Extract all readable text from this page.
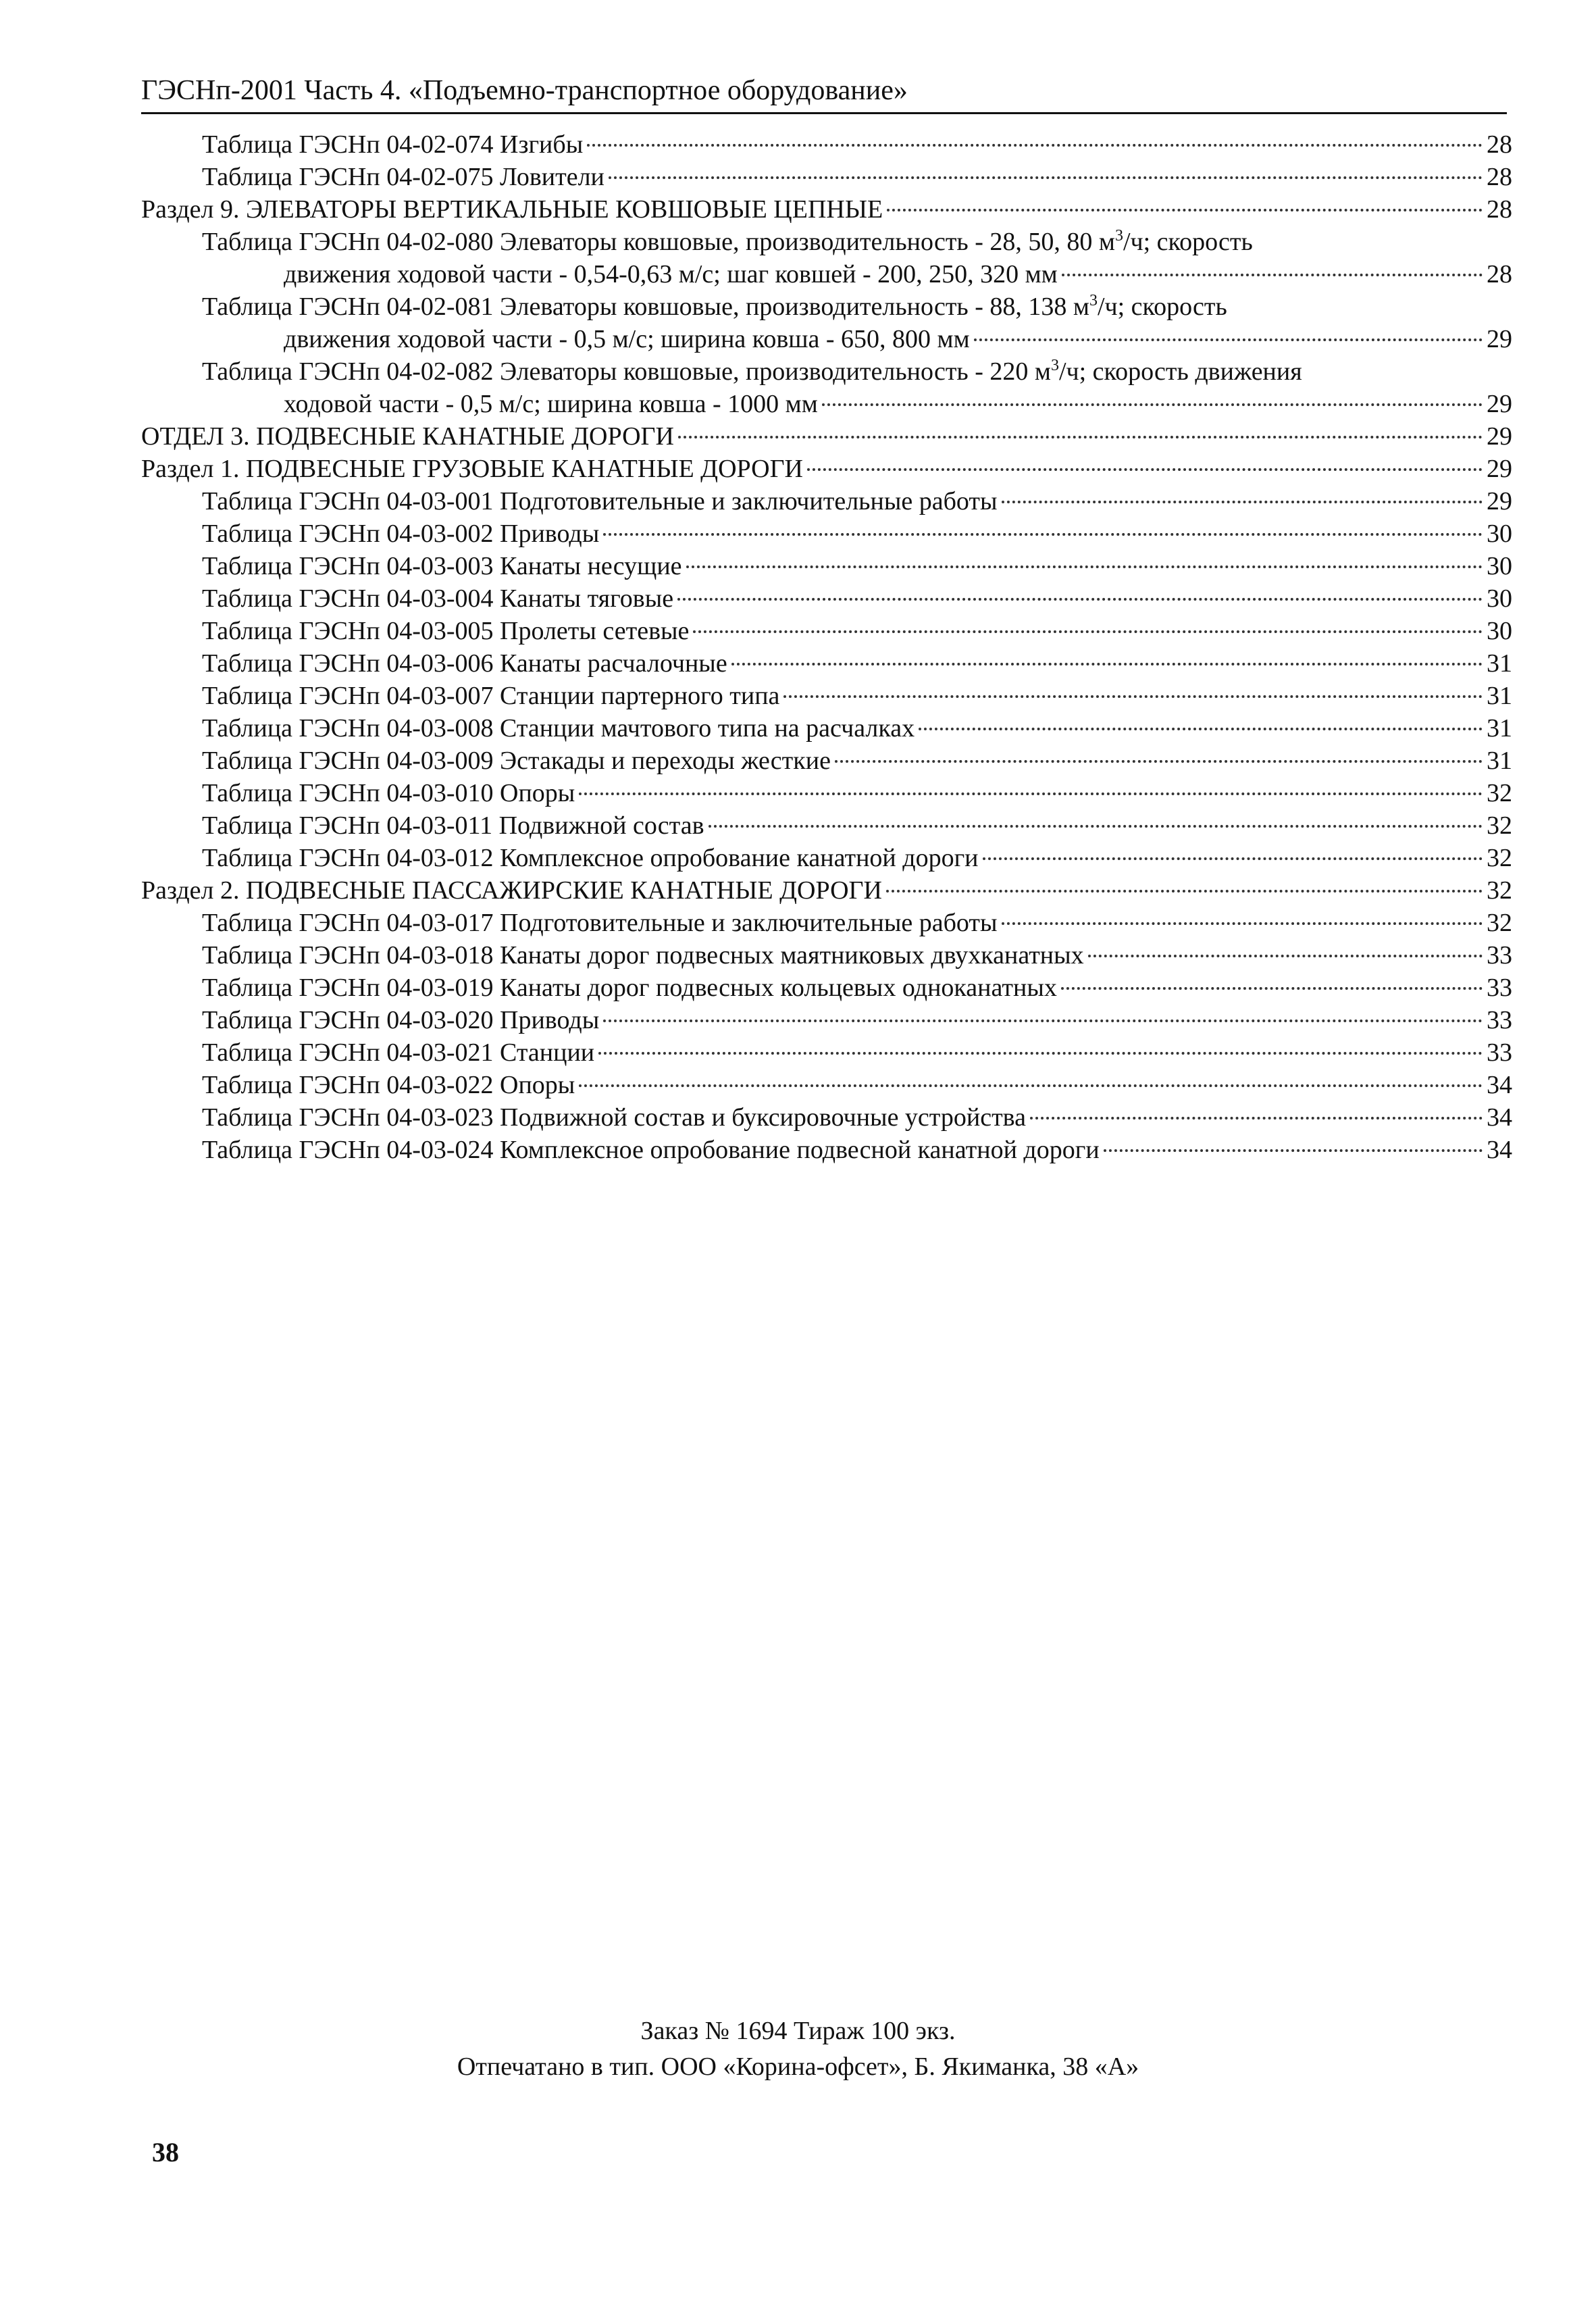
ГЭСНп-2001 Часть 4. «Подъемно-транспортное оборудование»
Таблица ГЭСНп 04-02-074 Изгибы	28
Таблица ГЭСНп 04-02-075 Ловители	28
Раздел 9. ЭЛЕВАТОРЫ ВЕРТИКАЛЬНЫЕ КОВШОВЫЕ ЦЕПНЫЕ	28
Таблица ГЭСНп 04-02-080 Элеваторы ковшовые, производительность - 28, 50, 80 $м^3/ч$; скорость
движения ходовой части - 0,54-0,63 м/с; шаг ковшей - 200, 250, 320 мм	28
Таблица ГЭСНп 04-02-081 Элеваторы ковшовые, производительность - 88, 138 $м^3/ч$; скорость
движения ходовой части - 0,5 м/с; ширина ковша - 650, 800 мм	29
Таблица ГЭСНп 04-02-082 Элеваторы ковшовые, производительность - 220 $м^3/ч$; скорость движения
ходовой части - 0,5 м/с; ширина ковша - 1000 мм	29
ОТДЕЛ 3. ПОДВЕСНЫЕ КАНАТНЫЕ ДОРОГИ	29
Раздел 1. ПОДВЕСНЫЕ ГРУЗОВЫЕ КАНАТНЫЕ ДОРОГИ	29
Таблица ГЭСНп 04-03-001 Подготовительные и заключительные работы	29
Таблица ГЭСНп 04-03-002 Приводы	30
Таблица ГЭСНп 04-03-003 Канаты несущие	30
Таблица ГЭСНп 04-03-004 Канаты тяговые	30
Таблица ГЭСНп 04-03-005 Пролеты сетевые	30
Таблица ГЭСНп 04-03-006 Канаты расчалочные	31
Таблица ГЭСНп 04-03-007 Станции партерного типа	31
Таблица ГЭСНп 04-03-008 Станции мачтового типа на расчалках	31
Таблица ГЭСНп 04-03-009 Эстакады и переходы жесткие	31
Таблица ГЭСНп 04-03-010 Опоры	32
Таблица ГЭСНп 04-03-011 Подвижной состав	32
Таблица ГЭСНп 04-03-012 Комплексное опробование канатной дороги	32
Раздел 2. ПОДВЕСНЫЕ ПАССАЖИРСКИЕ КАНАТНЫЕ ДОРОГИ	32
Таблица ГЭСНп 04-03-017 Подготовительные и заключительные работы	32
Таблица ГЭСНп 04-03-018 Канаты дорог подвесных маятниковых двухканатных	33
Таблица ГЭСНп 04-03-019 Канаты дорог подвесных кольцевых одноканатных	33
Таблица ГЭСНп 04-03-020 Приводы	33
Таблица ГЭСНп 04-03-021 Станции	33
Таблица ГЭСНп 04-03-022 Опоры	34
Таблица ГЭСНп 04-03-023 Подвижной состав и буксировочные устройства	34
Таблица ГЭСНп 04-03-024 Комплексное опробование подвесной канатной дороги	34
Заказ № 1694 Тираж 100 экз.
Отпечатано в тип. ООО «Корина-офсет», Б. Якиманка, 38 «А»
38
